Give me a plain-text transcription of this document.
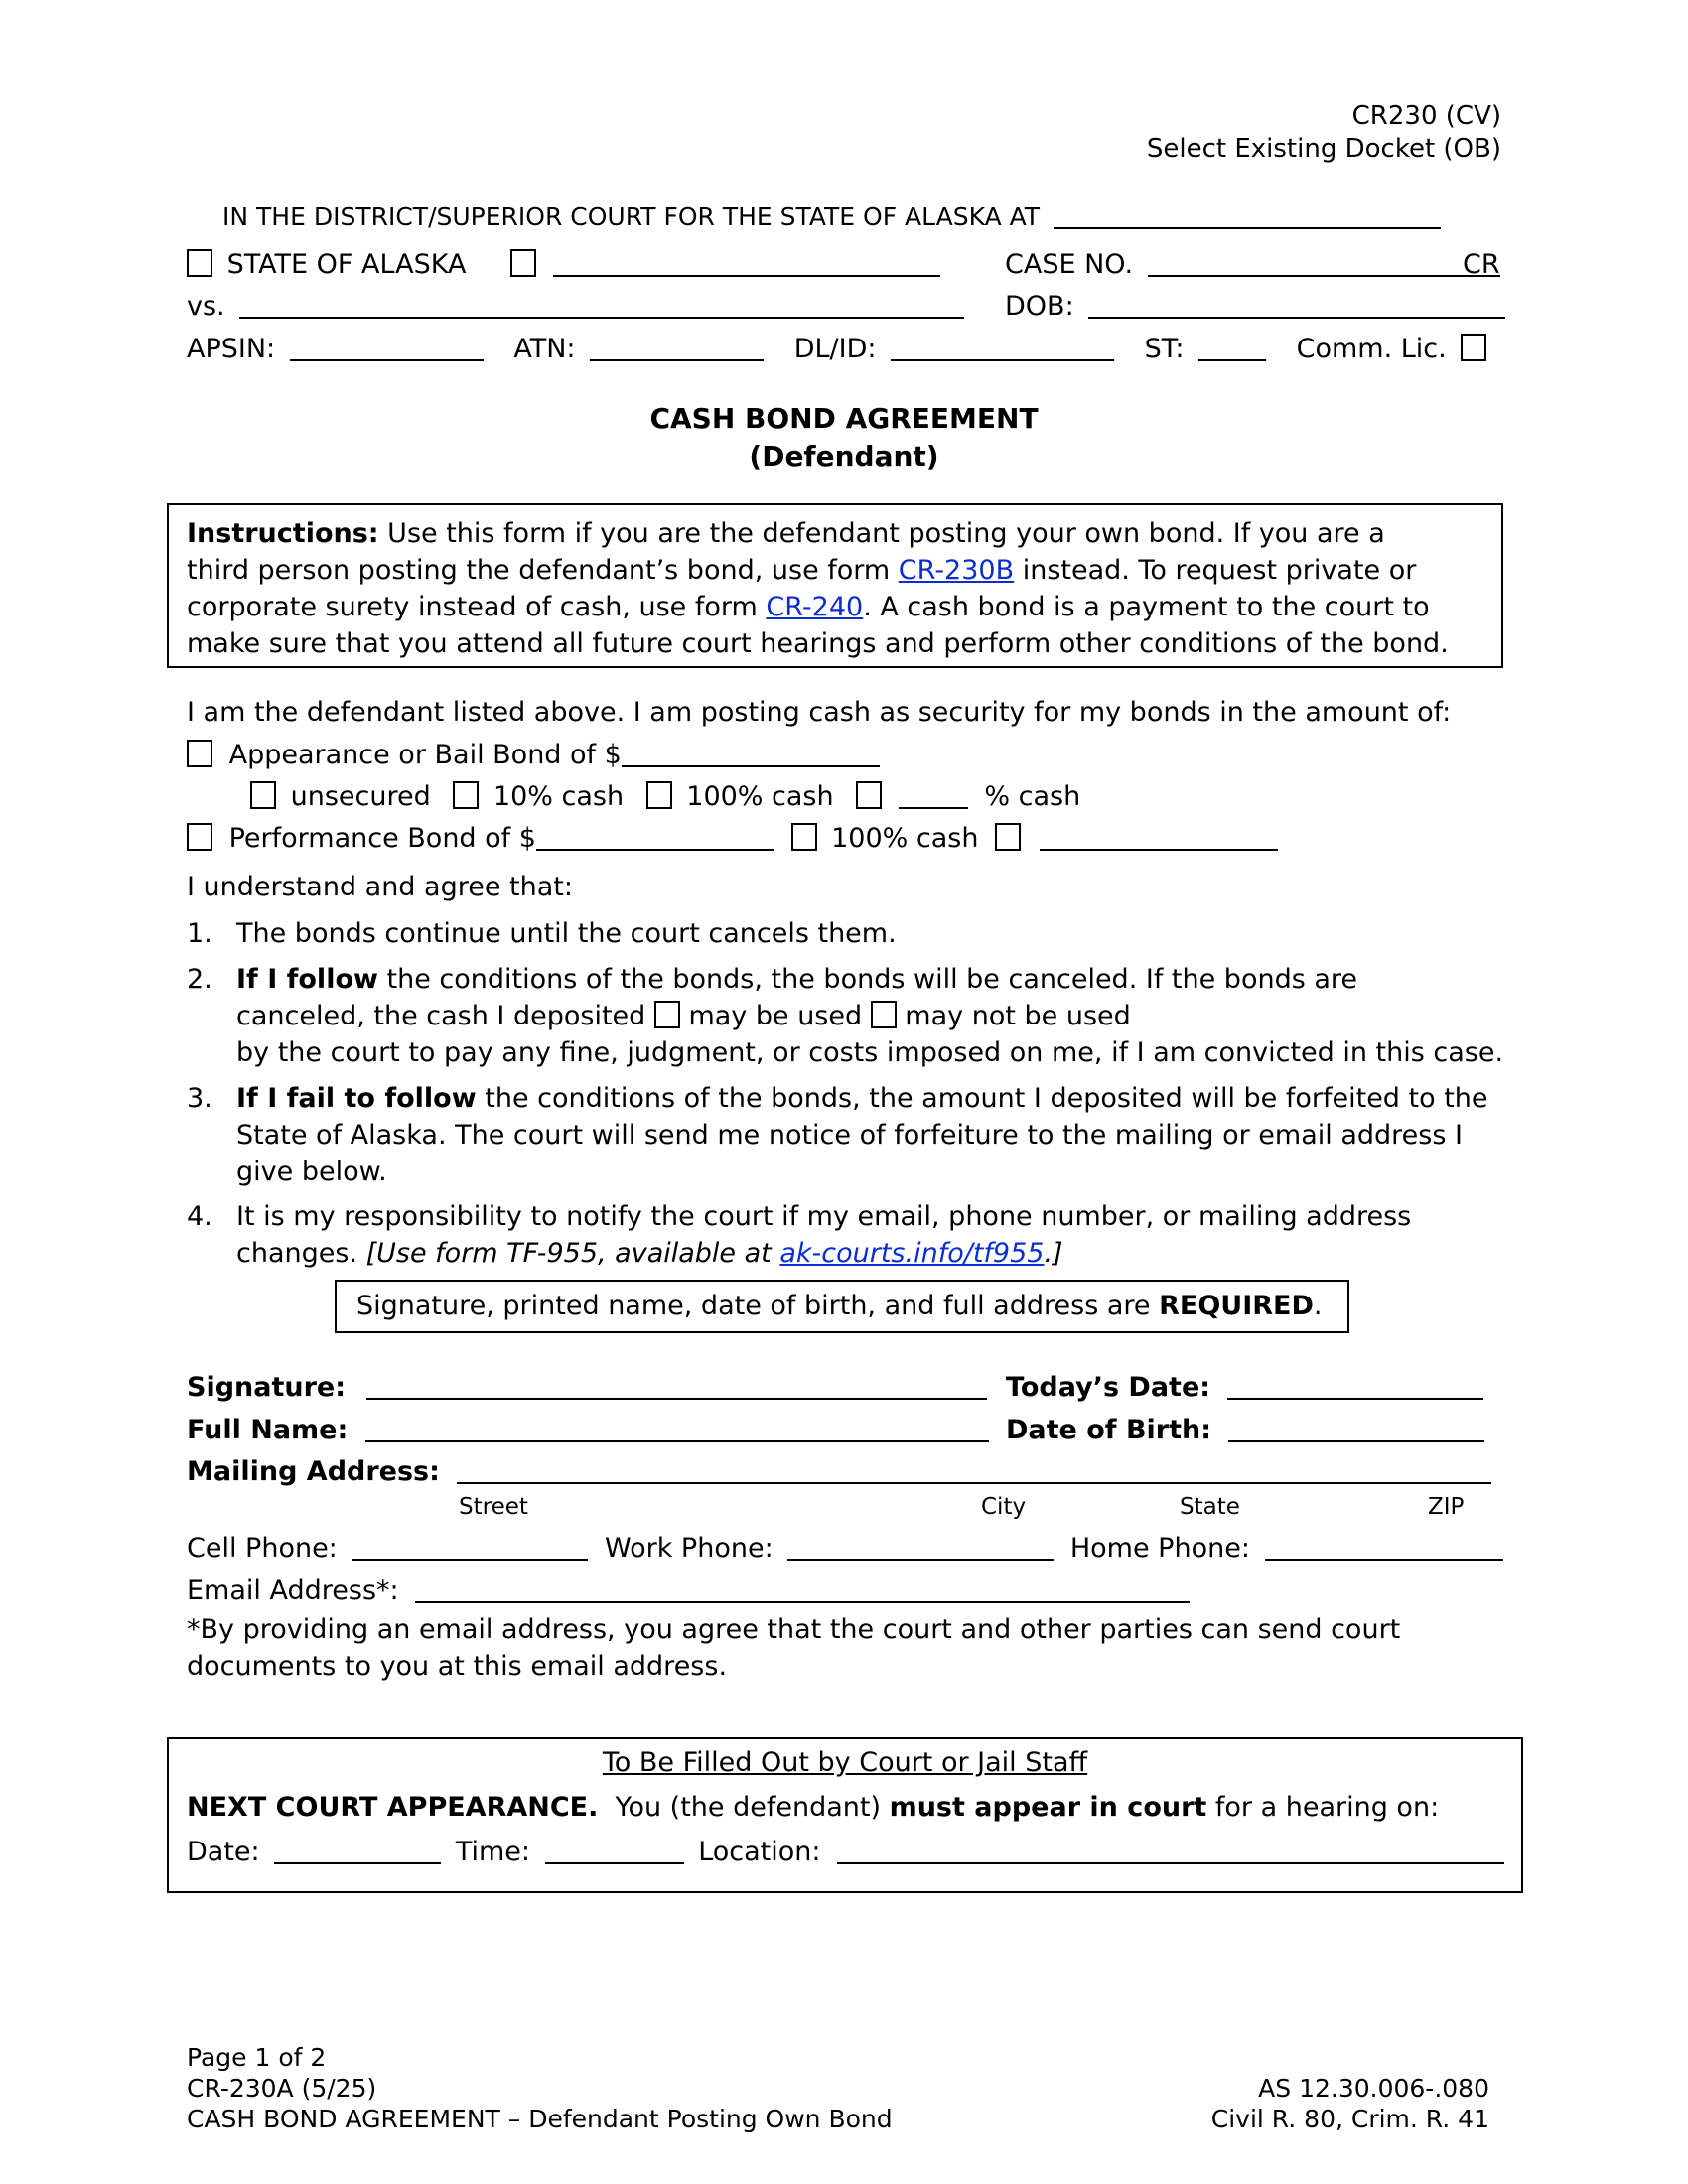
CR230 (CV)
Select Existing Docket (OB)
IN THE DISTRICT/SUPERIOR COURT FOR THE STATE OF ALASKA AT
STATE OF ALASKA	CASE NO.	CR
vs.	DOB:
APSIN:	ATN:	DL/ID:	ST:	Comm. Lic.
CASH BOND AGREEMENT
(Defendant)
Instructions: Use this form if you are the defendant posting your own bond. If you are a
third person posting the defendant’s bond, use form CR-230B instead. To request private or
corporate surety instead of cash, use form CR-240. A cash bond is a payment to the court to
make sure that you attend all future court hearings and perform other conditions of the bond.
I am the defendant listed above. I am posting cash as security for my bonds in the amount of:
Appearance or Bail Bond of $
unsecured 10% cash 100% cash	% cash
Performance Bond of $	100% cash
I understand and agree that:
1. The bonds continue until the court cancels them.
2. If I follow the conditions of the bonds, the bonds will be canceled. If the bonds are
canceled, the cash I deposited  may be used  may not be used
by the court to pay any fine, judgment, or costs imposed on me, if I am convicted in this case.
3. If I fail to follow the conditions of the bonds, the amount I deposited will be forfeited to the
State of Alaska. The court will send me notice of forfeiture to the mailing or email address I
give below.
4. It is my responsibility to notify the court if my email, phone number, or mailing address
changes. [Use form TF-955, available at ak-courts.info/tf955.]
Signature, printed name, date of birth, and full address are REQUIRED.
Signature:	Today’s Date:
Full Name:	Date of Birth:
Mailing Address:
Street	City	State	ZIP
Cell Phone:	Work Phone:	Home Phone:
Email Address*:
*By providing an email address, you agree that the court and other parties can send court
documents to you at this email address.
To Be Filled Out by Court or Jail Staff
NEXT COURT APPEARANCE.  You (the defendant) must appear in court for a hearing on:
Date:	Time:	Location:
Page 1 of 2
CR-230A (5/25)
CASH BOND AGREEMENT – Defendant Posting Own Bond
AS 12.30.006-.080
Civil R. 80, Crim. R. 41
